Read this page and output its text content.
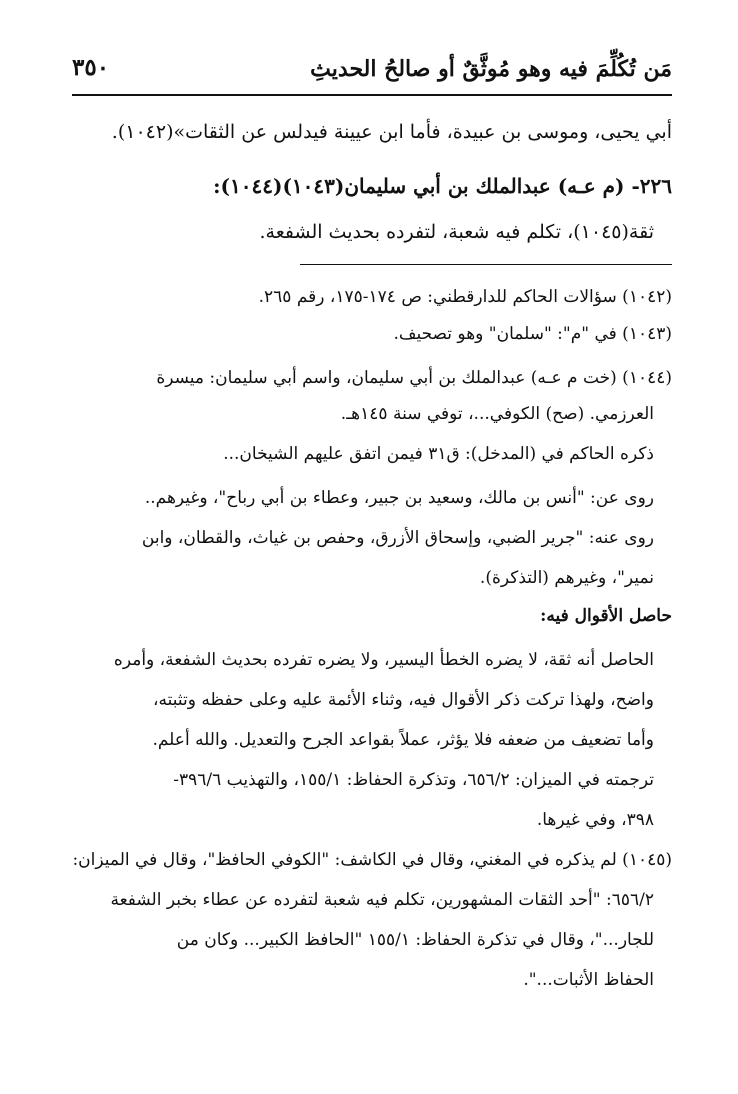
مَن تُكُلِّمَ فيه وهو مُوثَّقٌ أو صالحُ الحديثِ
٣٥٠
أبي يحيى، وموسى بن عبيدة، فأما ابن عيينة فيدلس عن الثقات»(١٠٤٢).
٢٢٦- (م عـه) عبدالملك بن أبي سليمان(١٠٤٣)(١٠٤٤):
ثقة(١٠٤٥)، تكلم فيه شعبة، لتفرده بحديث الشفعة.
(١٠٤٢) سؤالات الحاكم للدارقطني: ص ١٧٤-١٧٥، رقم ٢٦٥.
(١٠٤٣) في "م": "سلمان" وهو تصحيف.
(١٠٤٤) (خت م عـه) عبدالملك بن أبي سليمان، واسم أبي سليمان: ميسرة
العرزمي. (صح) الكوفي...، توفي سنة ١٤٥هـ.
ذكره الحاكم في (المدخل): ق٣١ فيمن اتفق عليهم الشيخان...
روى عن: "أنس بن مالك، وسعيد بن جبير، وعطاء بن أبي رباح"، وغيرهم..
روى عنه: "جرير الضبي، وإسحاق الأزرق، وحفص بن غياث، والقطان، وابن
نمير"، وغيرهم (التذكرة).
حاصل الأقوال فيه:
الحاصل أنه ثقة، لا يضره الخطأ اليسير، ولا يضره تفرده بحديث الشفعة، وأمره
واضح، ولهذا تركت ذكر الأقوال فيه، وثناء الأئمة عليه وعلى حفظه وتثبته،
وأما تضعيف من ضعفه فلا يؤثر، عملاً بقواعد الجرح والتعديل. والله أعلم.
ترجمته في الميزان: ٦٥٦/٢، وتذكرة الحفاظ: ١٥٥/١، والتهذيب ٣٩٦/٦-
٣٩٨، وفي غيرها.
(١٠٤٥) لم يذكره في المغني، وقال في الكاشف: "الكوفي الحافظ"، وقال في الميزان:
٦٥٦/٢: "أحد الثقات المشهورين، تكلم فيه شعبة لتفرده عن عطاء بخبر الشفعة
للجار..."، وقال في تذكرة الحفاظ: ١٥٥/١ "الحافظ الكبير... وكان من
الحفاظ الأثبات...".
